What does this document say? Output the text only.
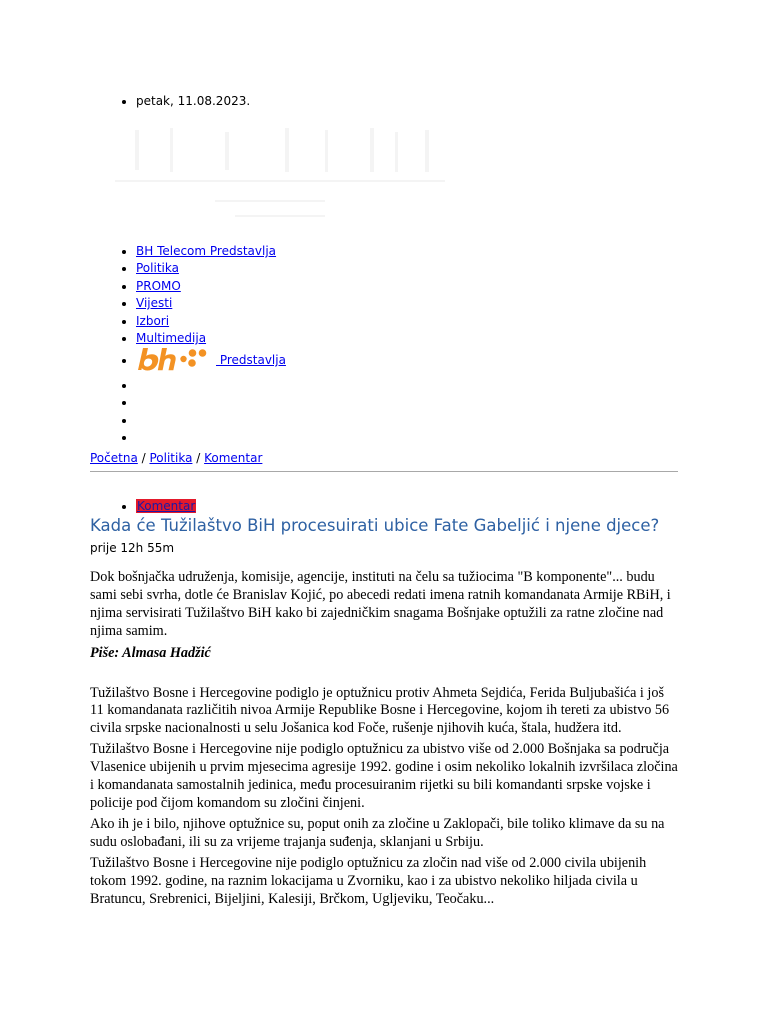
• petak, 11.08.2023.
• BH Telecom Predstavlja
• Politika
• PROMO
• Vijesti
• Izbori
• Multimedija
•  Predstavlja
Početna / Politika / Komentar
• Komentar
Kada će Tužilaštvo BiH procesuirati ubice Fate Gabeljić i njene djece?
prije 12h 55m

Dok bošnjačka udruženja, komisije, agencije, instituti na čelu sa tužiocima "B komponente"... budu sami sebi svrha, dotle će Branislav Kojić, po abecedi redati imena ratnih komandanata Armije RBiH, i njima servisirati Tužilaštvo BiH kako bi zajedničkim snagama Bošnjake optužili za ratne zločine nad njima samim.

Piše: Almasa Hadžić

Tužilaštvo Bosne i Hercegovine podiglo je optužnicu protiv Ahmeta Sejdića, Ferida Buljubašića i još 11 komandanata različitih nivoa Armije Republike Bosne i Hercegovine, kojom ih tereti za ubistvo 56 civila srpske nacionalnosti u selu Jošanica kod Foče, rušenje njihovih kuća, štala, hudžera itd.

Tužilaštvo Bosne i Hercegovine nije podiglo optužnicu za ubistvo više od 2.000 Bošnjaka sa područja Vlasenice ubijenih u prvim mjesecima agresije 1992. godine i osim nekoliko lokalnih izvršilaca zločina i komandanata samostalnih jedinica, među procesuiranim rijetki su bili komandanti srpske vojske i policije pod čijom komandom su zločini činjeni.

Ako ih je i bilo, njihove optužnice su, poput onih za zločine u Zaklopači, bile toliko klimave da su na sudu oslobađani, ili su za vrijeme trajanja suđenja, sklanjani u Srbiju.

Tužilaštvo Bosne i Hercegovine nije podiglo optužnicu za zločin nad više od 2.000 civila ubijenih tokom 1992. godine, na raznim lokacijama u Zvorniku, kao i za ubistvo nekoliko hiljada civila u Bratuncu, Srebrenici, Bijeljini, Kalesiji, Brčkom, Ugljeviku, Teočaku...
